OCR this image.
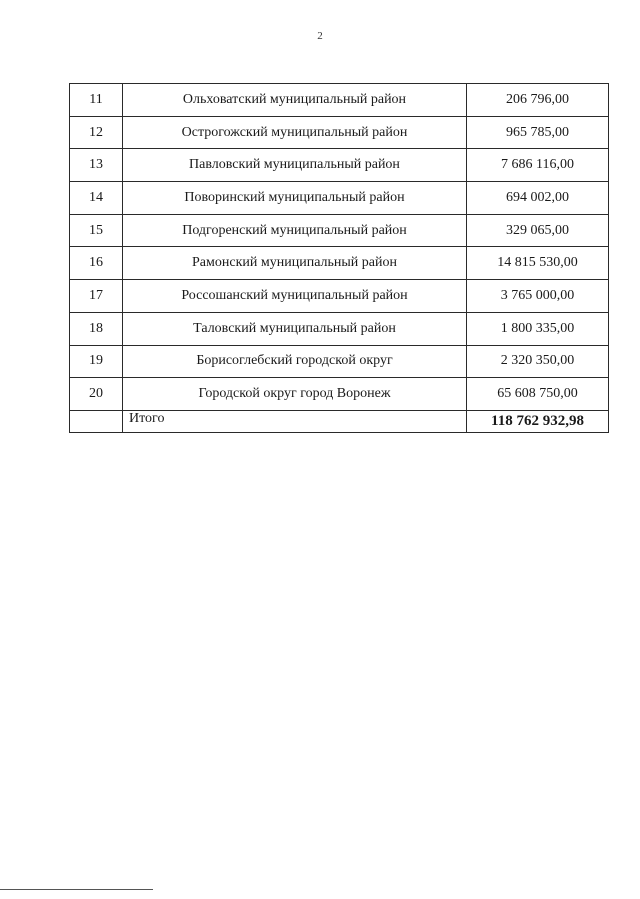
2
11	Ольховатский муниципальный район	206 796,00
12	Острогожский муниципальный район	965 785,00
13	Павловский муниципальный район	7 686 116,00
14	Поворинский муниципальный район	694 002,00
15	Подгоренский муниципальный район	329 065,00
16	Рамонский муниципальный район	14 815 530,00
17	Россошанский муниципальный район	3 765 000,00
18	Таловский муниципальный район	1 800 335,00
19	Борисоглебский городской округ	2 320 350,00
20	Городской округ город Воронеж	65 608 750,00
	Итого	118 762 932,98
